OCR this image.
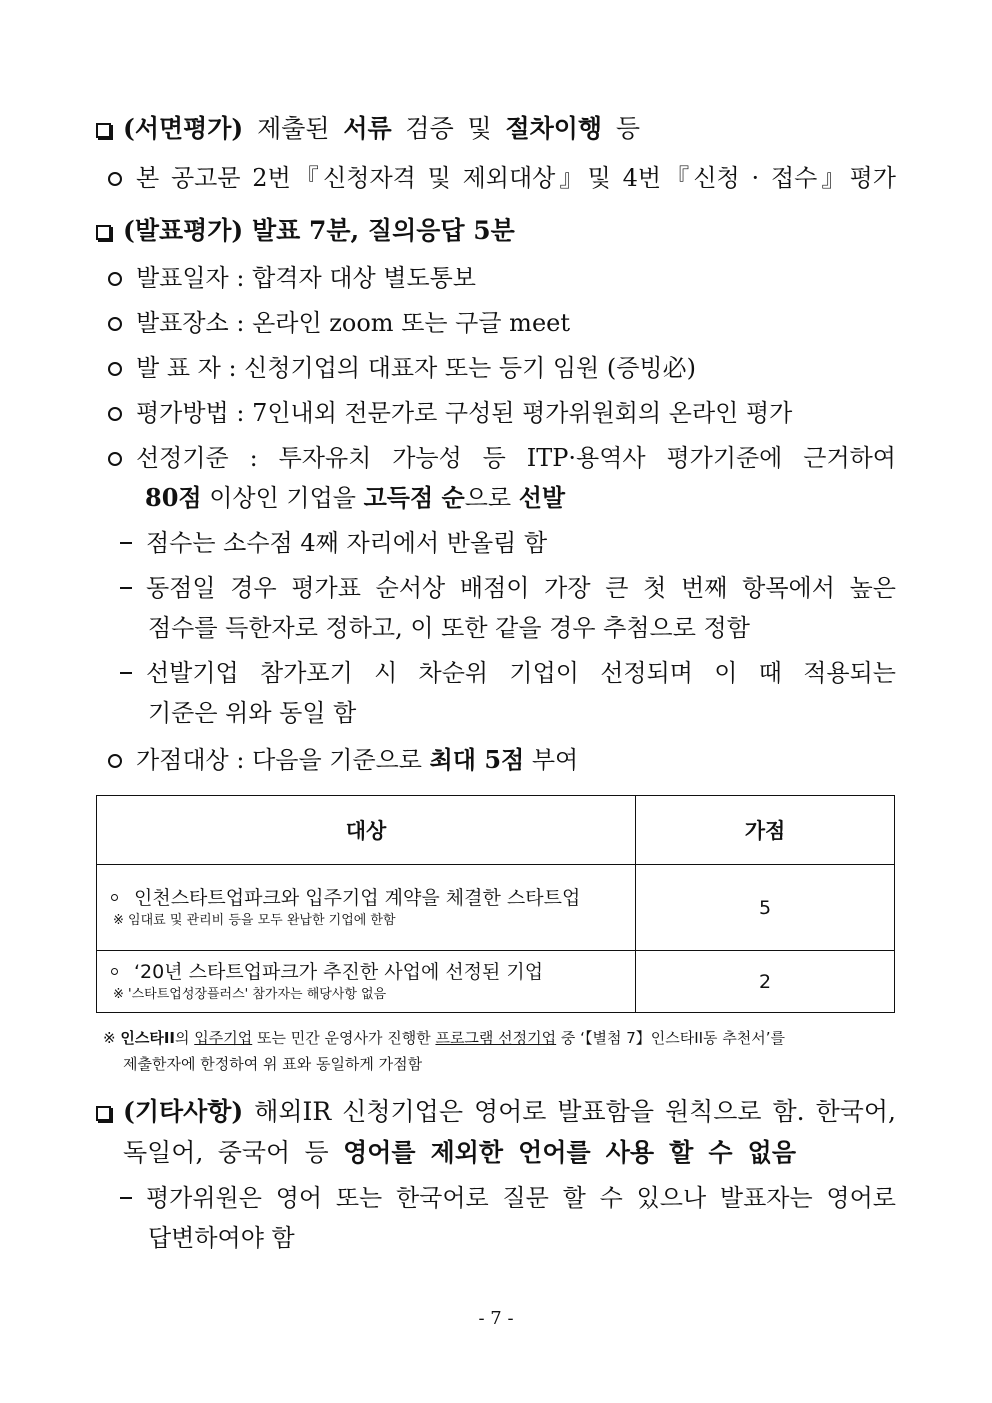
(서면평가) 제출된 서류 검증 및 절차이행 등
본 공고문 2번『신청자격 및 제외대상』및 4번『신청 · 접수』평가
(발표평가) 발표 7분, 질의응답 5분
발표일자 : 합격자 대상 별도통보
발표장소 : 온라인 zoom 또는 구글 meet
발 표 자 : 신청기업의 대표자 또는 등기 임원 (증빙必)
평가방법 : 7인내외 전문가로 구성된 평가위원회의 온라인 평가
선정기준 : 투자유치 가능성 등 ITP·용역사 평가기준에 근거하여
80점 이상인 기업을 고득점 순으로 선발
점수는 소수점 4째 자리에서 반올림 함
동점일 경우 평가표 순서상 배점이 가장 큰 첫 번째 항목에서 높은
점수를 득한자로 정하고, 이 또한 같을 경우 추첨으로 정함
선발기업 참가포기 시 차순위 기업이 선정되며 이 때 적용되는
기준은 위와 동일 함
가점대상 : 다음을 기준으로 최대 5점 부여
대상	가점

인천스타트업파크와 입주기업 계약을 체결한 스타트업
※ 임대료 및 관리비 등을 모두 완납한 기업에 한함	5

‘20년 스타트업파크가 추진한 사업에 선정된 기업
※ '스타트업성장플러스' 참가자는 해당사항 없음	2
※ 인스타II의 입주기업 또는 민간 운영사가 진행한 프로그램 선정기업 중 ‘【별첨 7】인스타II동 추천서’를
제출한자에 한정하여 위 표와 동일하게 가점함
(기타사항) 해외IR 신청기업은 영어로 발표함을 원칙으로 함. 한국어,
독일어, 중국어 등 영어를 제외한 언어를 사용 할 수 없음
평가위원은 영어 또는 한국어로 질문 할 수 있으나 발표자는 영어로
답변하여야 함
- 7 -
